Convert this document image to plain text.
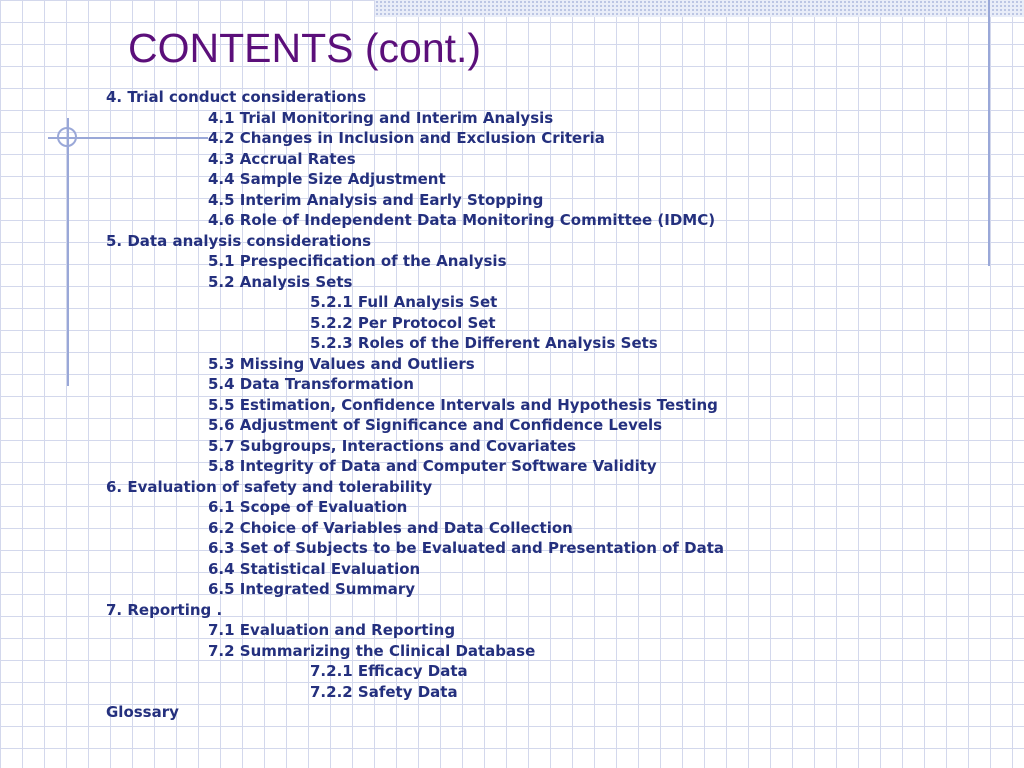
CONTENTS (cont.)
4. Trial conduct considerations
4.1 Trial Monitoring and Interim Analysis
4.2 Changes in Inclusion and Exclusion Criteria
4.3 Accrual Rates
4.4 Sample Size Adjustment
4.5 Interim Analysis and Early Stopping
4.6 Role of Independent Data Monitoring Committee (IDMC)
5. Data analysis considerations
5.1 Prespecification of the Analysis
5.2 Analysis Sets
5.2.1 Full Analysis Set
5.2.2 Per Protocol Set
5.2.3 Roles of the Different Analysis Sets
5.3 Missing Values and Outliers
5.4 Data Transformation
5.5 Estimation, Confidence Intervals and Hypothesis Testing
5.6 Adjustment of Significance and Confidence Levels
5.7 Subgroups, Interactions and Covariates
5.8 Integrity of Data and Computer Software Validity
6. Evaluation of safety and tolerability
6.1 Scope of Evaluation
6.2 Choice of Variables and Data Collection
6.3 Set of Subjects to be Evaluated and Presentation of Data
6.4 Statistical Evaluation
6.5 Integrated Summary
7. Reporting .
7.1 Evaluation and Reporting
7.2 Summarizing the Clinical Database
7.2.1 Efficacy Data
7.2.2 Safety Data
Glossary
